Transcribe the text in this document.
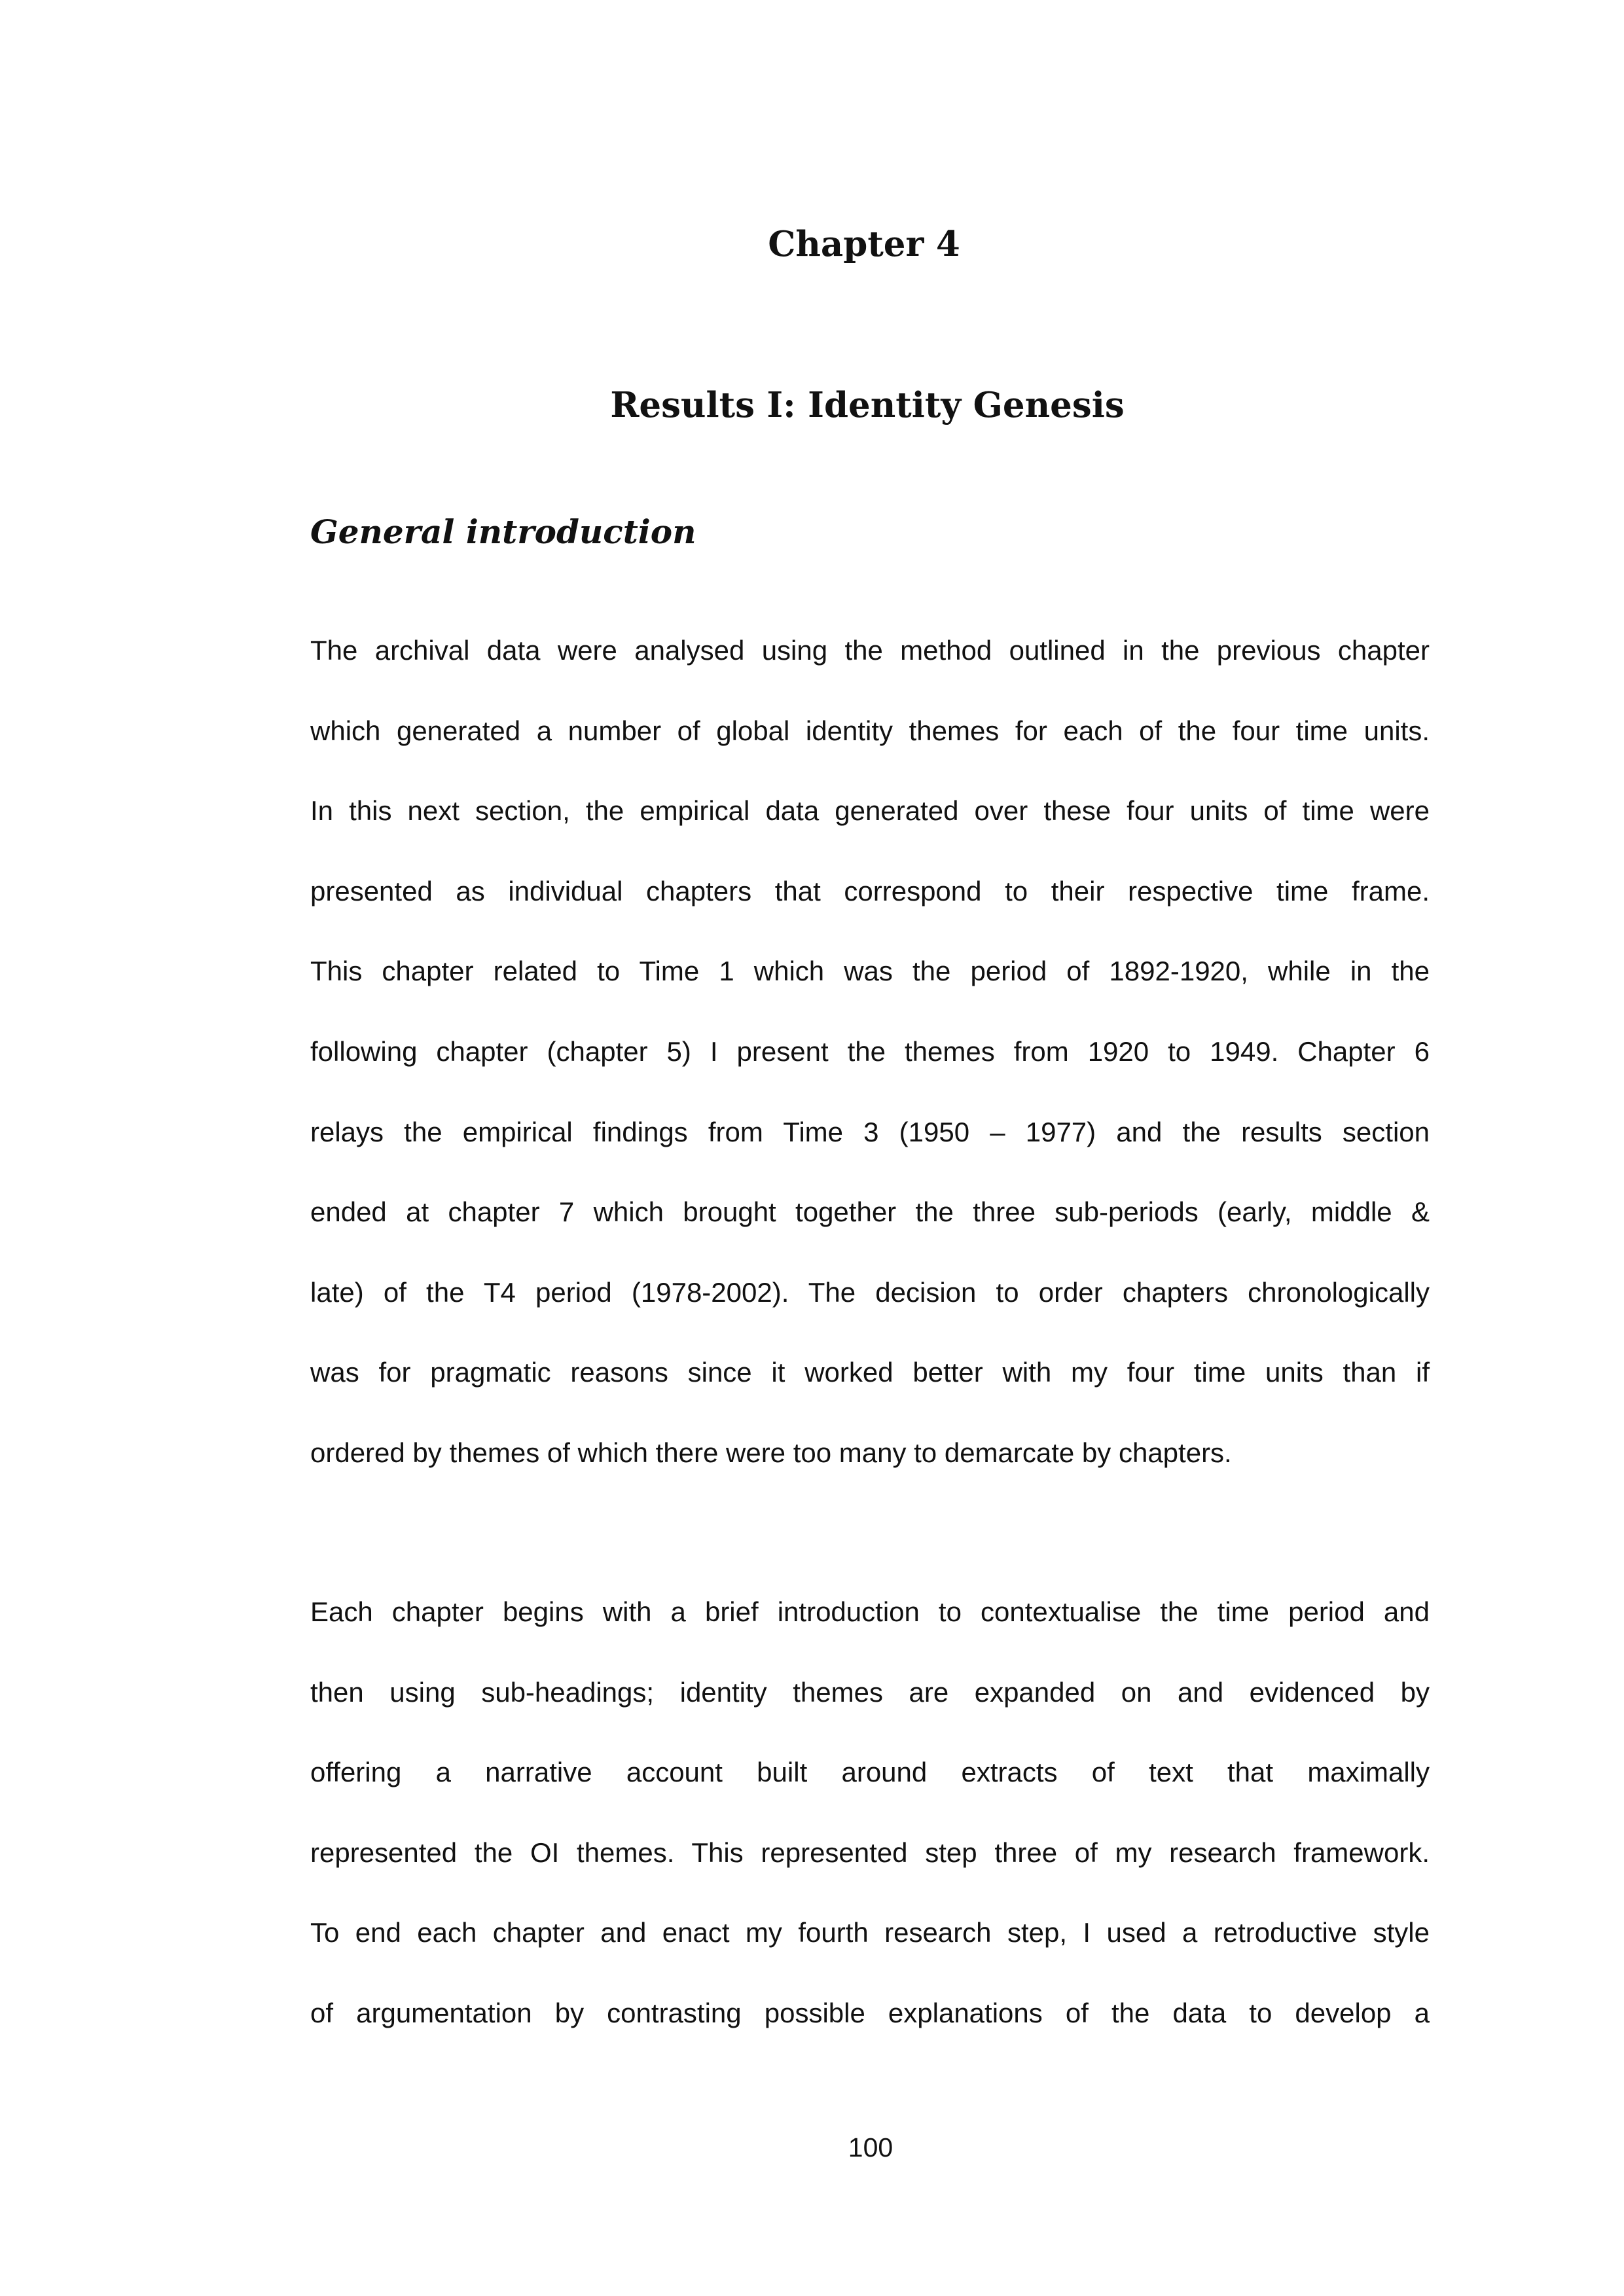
Chapter 4
Results I: Identity Genesis
General introduction
The archival data were analysed using the method outlined in the previous chapter
which generated a number of global identity themes for each of the four time units.
In this next section, the empirical data generated over these four units of time were
presented as individual chapters that correspond to their respective time frame.
This chapter related to Time 1 which was the period of 1892-1920, while in the
following chapter (chapter 5) I present the themes from 1920 to 1949. Chapter 6
relays the empirical findings from Time 3 (1950 – 1977) and the results section
ended at chapter 7 which brought together the three sub-periods (early, middle &
late) of the T4 period (1978-2002). The decision to order chapters chronologically
was for pragmatic reasons since it worked better with my four time units than if
ordered by themes of which there were too many to demarcate by chapters.
Each chapter begins with a brief introduction to contextualise the time period and
then using sub-headings; identity themes are expanded on and evidenced by
offering a narrative account built around extracts of text that maximally
represented the OI themes. This represented step three of my research framework.
To end each chapter and enact my fourth research step, I used a retroductive style
of argumentation by contrasting possible explanations of the data to develop a
100
